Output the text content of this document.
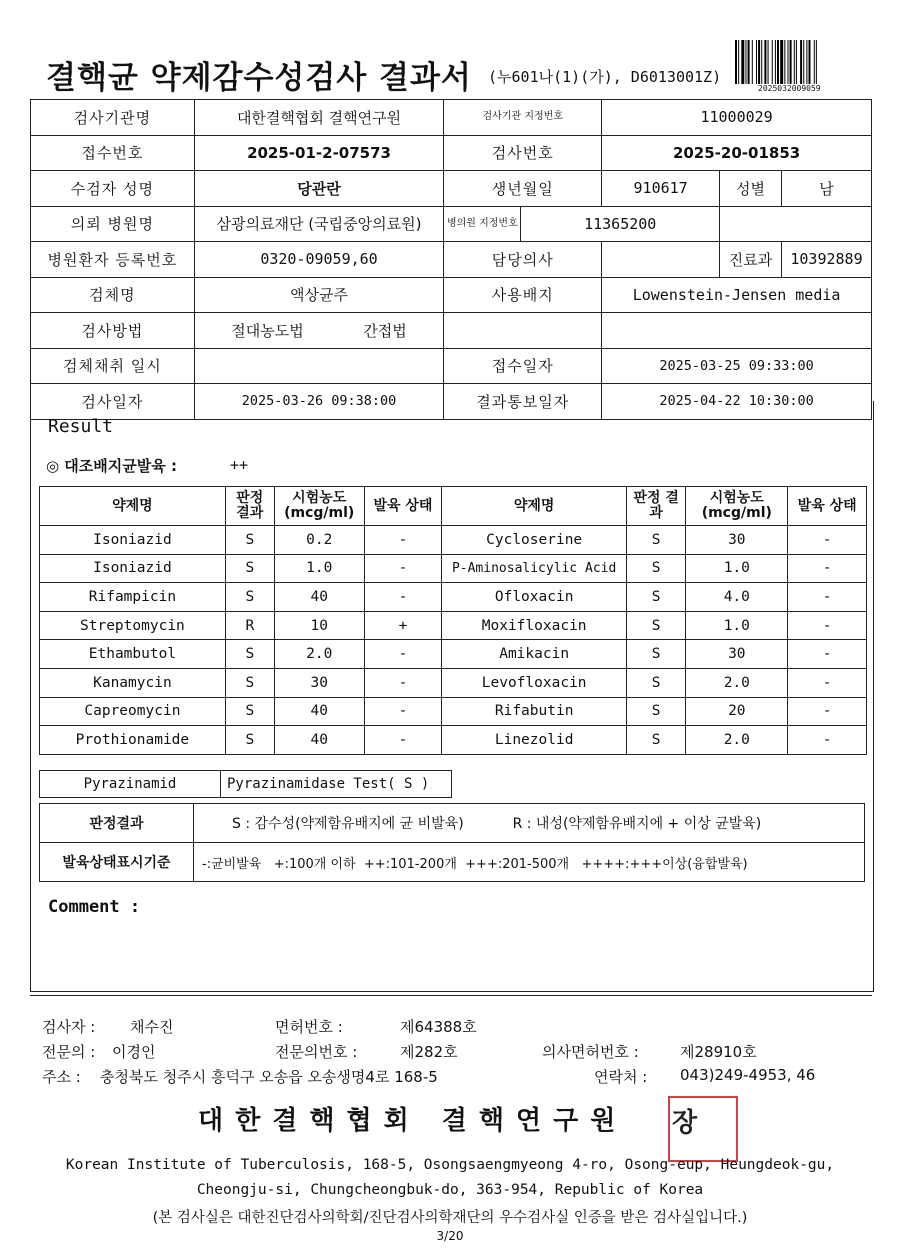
결핵균 약제감수성검사 결과서 (누601나(1)(가), D6013001Z)
2025032009059
검사기관명	대한결핵협회 결핵연구원	검사기관 지정번호	11000029		
접수번호	2025-01-2-07573	검사번호	2025-20-01853		
수검자 성명	당관란	생년월일	910617	성별	남
의뢰 병원명	삼광의료재단 (국립중앙의료원)	병의원 지정번호 11365200			

병원환자 등록번호	0320-09059,60	담당의사		진료과	10392889
검체명	액상균주	사용배지	Lowenstein-Jensen media		
검사방법	절대농도법 간접법				
검체채취 일시		접수일자	2025-03-25 09:33:00		
검사일자	2025-03-26 09:38:00	결과통보일자	2025-04-22 10:30:00		
Result
◎ 대조배지균발육 :	++
약제명	판정 결과	시험농도 (mcg/ml)	발육 상태	약제명	판정 결과	시험농도 (mcg/ml)	발육 상태
Isoniazid	S	0.2	-	Cycloserine	S	30	-
Isoniazid	S	1.0	-	P-Aminosalicylic Acid	S	1.0	-
Rifampicin	S	40	-	Ofloxacin	S	4.0	-
Streptomycin	R	10	+	Moxifloxacin	S	1.0	-
Ethambutol	S	2.0	-	Amikacin	S	30	-
Kanamycin	S	30	-	Levofloxacin	S	2.0	-
Capreomycin	S	40	-	Rifabutin	S	20	-
Prothionamide	S	40	-	Linezolid	S	2.0	-
Pyrazinamid	Pyrazinamidase Test( S )
판정결과	S : 감수성(약제함유배지에 균 비발육) R : 내성(약제함유배지에 + 이상 균발육)
발육상태표시기준	-:균비발육   +:100개 이하  ++:101-200개  +++:201-500개   ++++:+++이상(융합발육)
Comment :
검사자 : 채수진	면허번호 :	제64388호
전문의 : 이경인	전문의번호 :	제282호	의사면허번호 :	제28910호
주소 : 충청북도 청주시 흥덕구 오송읍 오송생명4로 168-5	연락처 : 043)249-4953, 46
대한결핵협회 결핵연구원 장
Korean Institute of Tuberculosis, 168-5, Osongsaengmyeong 4-ro, Osong-eup, Heungdeok-gu,
Cheongju-si, Chungcheongbuk-do, 363-954, Republic of Korea
(본 검사실은 대한진단검사의학회/진단검사의학재단의 우수검사실 인증을 받은 검사실입니다.)
3/20
